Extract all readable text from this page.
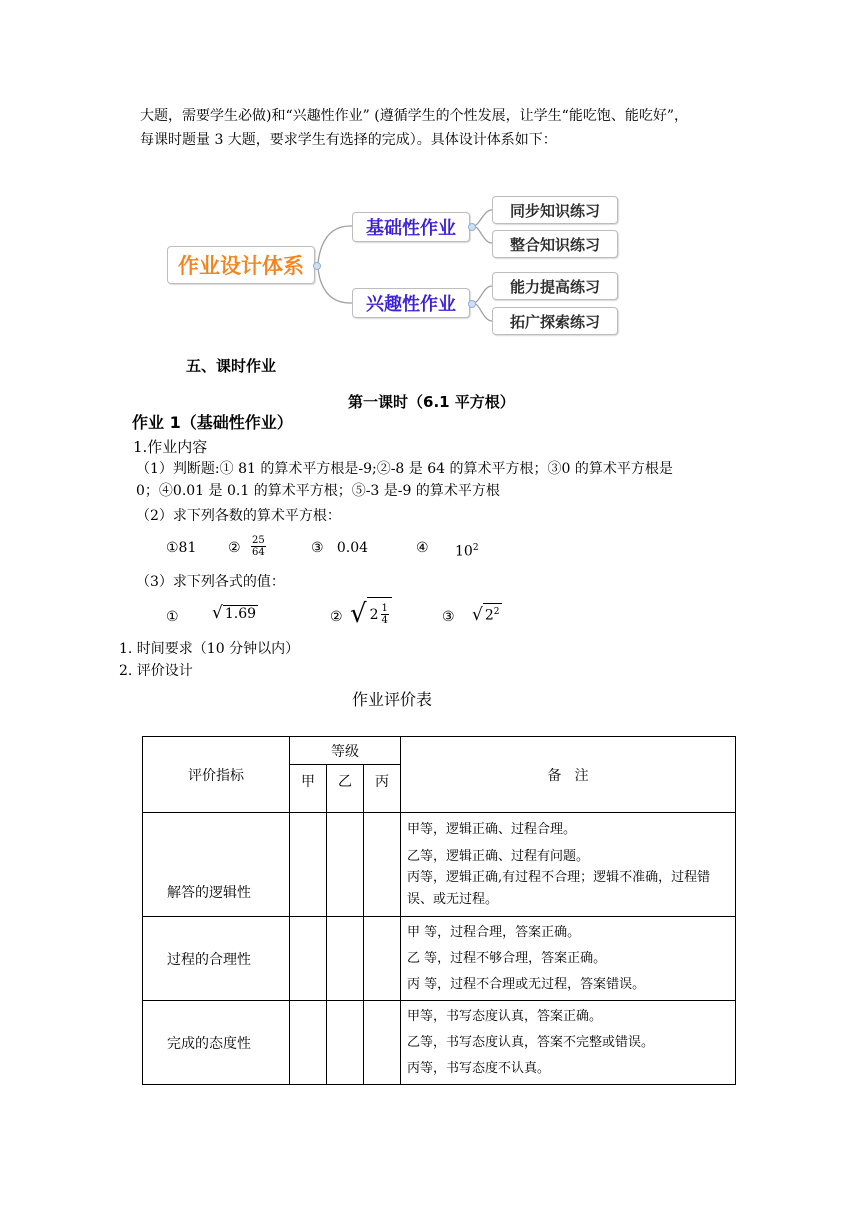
大题，需要学生必做)和“兴趣性作业” (遵循学生的个性发展，让学生“能吃饱、能吃好”，
每课时题量 3 大题，要求学生有选择的完成）。具体设计体系如下：
作业设计体系
基础性作业
兴趣性作业
同步知识练习
整合知识练习
能力提高练习
拓广探索练习
五、课时作业
第一课时（6.1 平方根）
作业 1（基础性作业）
1.作业内容
（1）判断题:① 81 的算术平方根是-9;②-8 是 64 的算术平方根；③0 的算术平方根是
0；④0.01 是 0.1 的算术平方根；⑤-3 是-9 的算术平方根
（2）求下列各数的算术平方根：
①81 ② $\frac{25}{64}$	③   0.04	④ $10^2$
（3）求下列各式的值：
① √ 1.69	② √ $2 \frac{1}{4}$	③ √ $2^2$
1. 时间要求（10 分钟以内）
2. 评价设计
作业评价表
评价指标	等级			备   注
	甲	乙	丙	
解答的逻辑性				甲等，逻辑正确、过程合理。
乙等，逻辑正确、过程有问题。
丙等，逻辑正确,有过程不合理；逻辑不准确，过程错误、或无过程。

过程的合理性				甲 等，过程合理，答案正确。
乙 等，过程不够合理，答案正确。
丙 等，过程不合理或无过程，答案错误。

完成的态度性				甲等，书写态度认真，答案正确。
乙等，书写态度认真，答案不完整或错误。
丙等，书写态度不认真。
